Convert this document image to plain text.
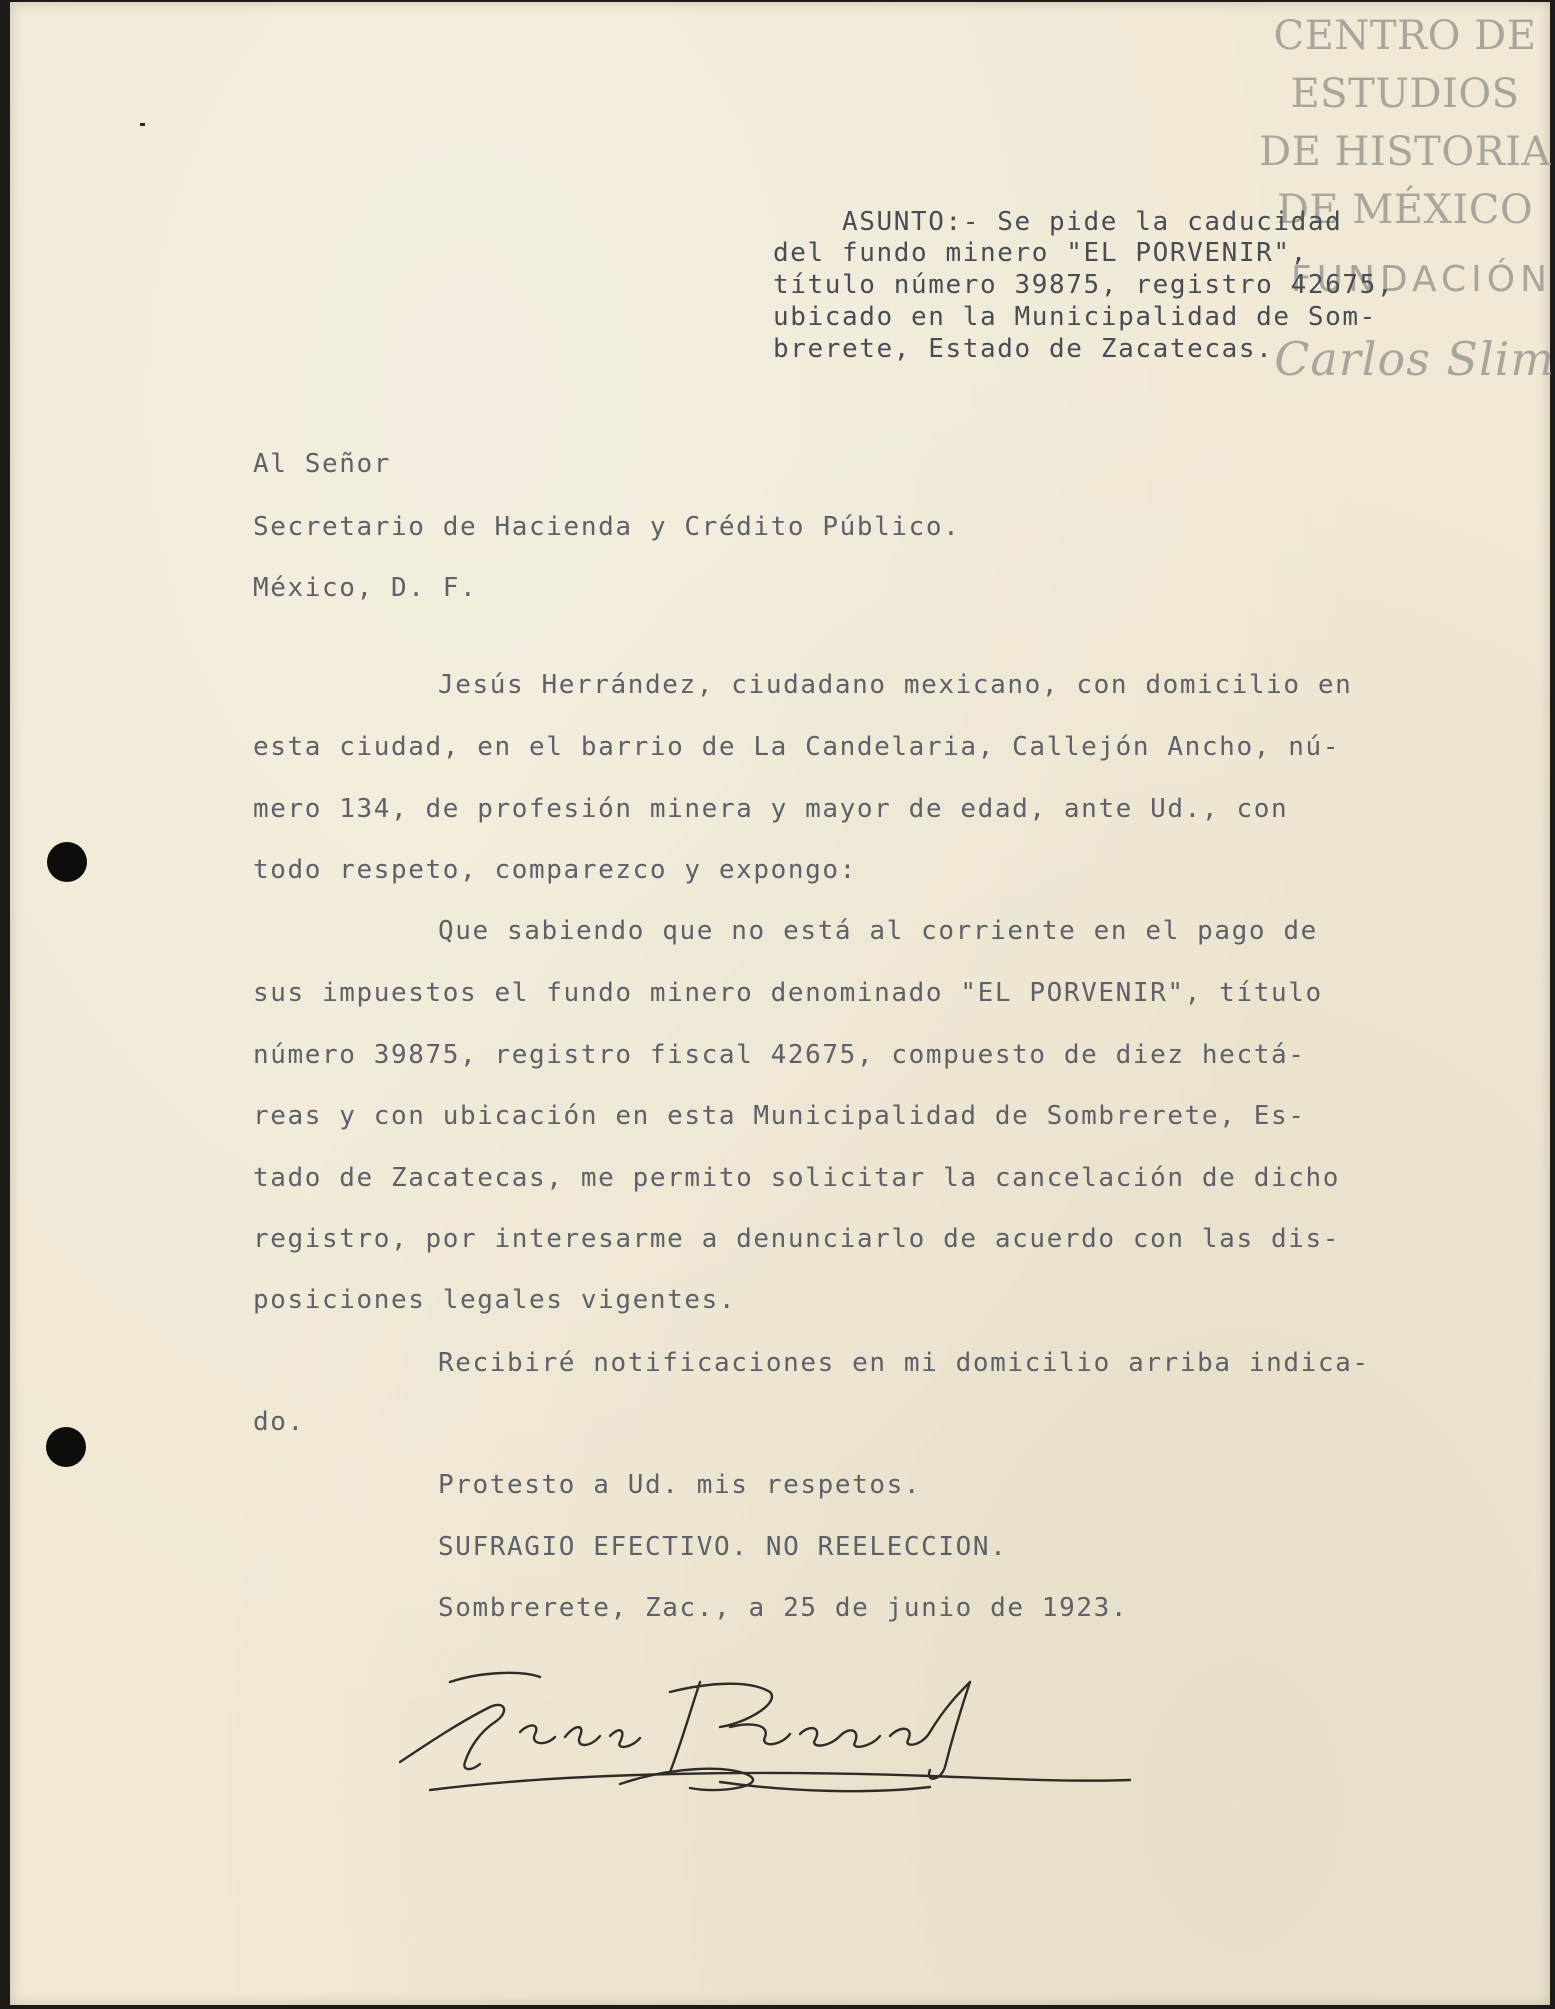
CENTRO DE
ESTUDIOS
DE HISTORIA
DE MÉXICO
FUNDACIÓN
Carlos Slim

ASUNTO:- Se pide la caducidad

del fundo minero "EL PORVENIR",

título número 39875, registro 42675,

ubicado en la Municipalidad de Som-

brerete, Estado de Zacatecas.

Al Señor

Secretario de Hacienda y Crédito Público.

México, D. F.

Jesús Herrández, ciudadano mexicano, con domicilio en

esta ciudad, en el barrio de La Candelaria, Callejón Ancho, nú-

mero 134, de profesión minera y mayor de edad, ante Ud., con

todo respeto, comparezco y expongo:

Que sabiendo que no está al corriente en el pago de

sus impuestos el fundo minero denominado "EL PORVENIR", título

número 39875, registro fiscal 42675, compuesto de diez hectá-

reas y con ubicación en esta Municipalidad de Sombrerete, Es-

tado de Zacatecas, me permito solicitar la cancelación de dicho

registro, por interesarme a denunciarlo de acuerdo con las dis-

posiciones legales vigentes.

Recibiré notificaciones en mi domicilio arriba indica-

do.

Protesto a Ud. mis respetos.

SUFRAGIO EFECTIVO. NO REELECCION.

Sombrerete, Zac., a 25 de junio de 1923.
